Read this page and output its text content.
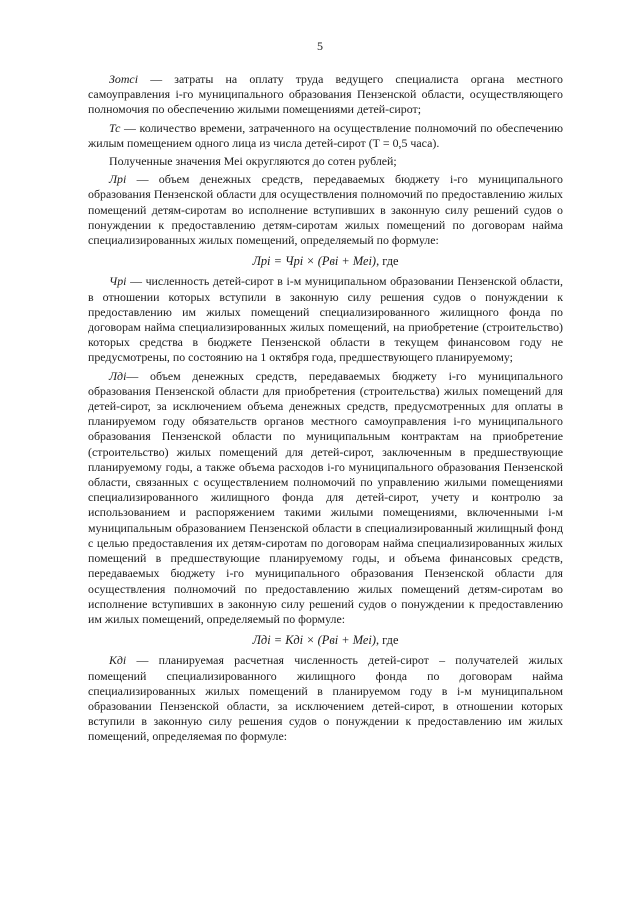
5

Зотсi — затраты на оплату труда ведущего специалиста органа местного самоуправления i-го муниципального образования Пензенской области, осуществляющего полномочия по обеспечению жилыми помещениями детей-сирот;

Тс — количество времени, затраченного на осуществление полномочий по обеспечению жилым помещением одного лица из числа детей-сирот (Т = 0,5 часа).

Полученные значения Меi округляются до сотен рублей;

Лрi — объем денежных средств, передаваемых бюджету i-го муниципального образования Пензенской области для осуществления полномочий по предоставлению жилых помещений детям-сиротам во исполнение вступивших в законную силу решений судов о понуждении к предоставлению детям-сиротам жилых помещений по договорам найма специализированных жилых помещений, определяемый по формуле:

Лрi = Чрi × (Рвi + Меi), где

Чрi — численность детей-сирот в i-м муниципальном образовании Пензенской области, в отношении которых вступили в законную силу решения судов о понуждении к предоставлению им жилых помещений специализированного жилищного фонда по договорам найма специализированных жилых помещений, на приобретение (строительство) которых средства в бюджете Пензенской области в текущем финансовом году не предусмотрены, по состоянию на 1 октября года, предшествующего планируемому;

Лдi— объем денежных средств, передаваемых бюджету i-го муниципального образования Пензенской области для приобретения (строительства) жилых помещений для детей-сирот, за исключением объема денежных средств, предусмотренных для оплаты в планируемом году обязательств органов местного самоуправления i-го муниципального образования Пензенской области по муниципальным контрактам на приобретение (строительство) жилых помещений для детей-сирот, заключенным в предшествующие планируемому годы, а также объема расходов i-го муниципального образования Пензенской области, связанных с осуществлением полномочий по управлению жилыми помещениями специализированного жилищного фонда для детей-сирот, учету и контролю за использованием и распоряжением такими жилыми помещениями, включенными i-м муниципальным образованием Пензенской области в специализированный жилищный фонд с целью предоставления их детям-сиротам по договорам найма специализированных жилых помещений в предшествующие планируемому годы, и объема финансовых средств, передаваемых бюджету i-го муниципального образования Пензенской области для осуществления полномочий по предоставлению жилых помещений детям-сиротам во исполнение вступивших в законную силу решений судов о понуждении к предоставлению им жилых помещений, определяемый по формуле:

Лдi = Кдi × (Рвi + Меi), где

Кдi — планируемая расчетная численность детей-сирот – получателей жилых помещений специализированного жилищного фонда по договорам найма специализированных жилых помещений в планируемом году в i-м муниципальном образовании Пензенской области, за исключением детей-сирот, в отношении которых вступили в законную силу решения судов о понуждении к предоставлению им жилых помещений, определяемая по формуле:
